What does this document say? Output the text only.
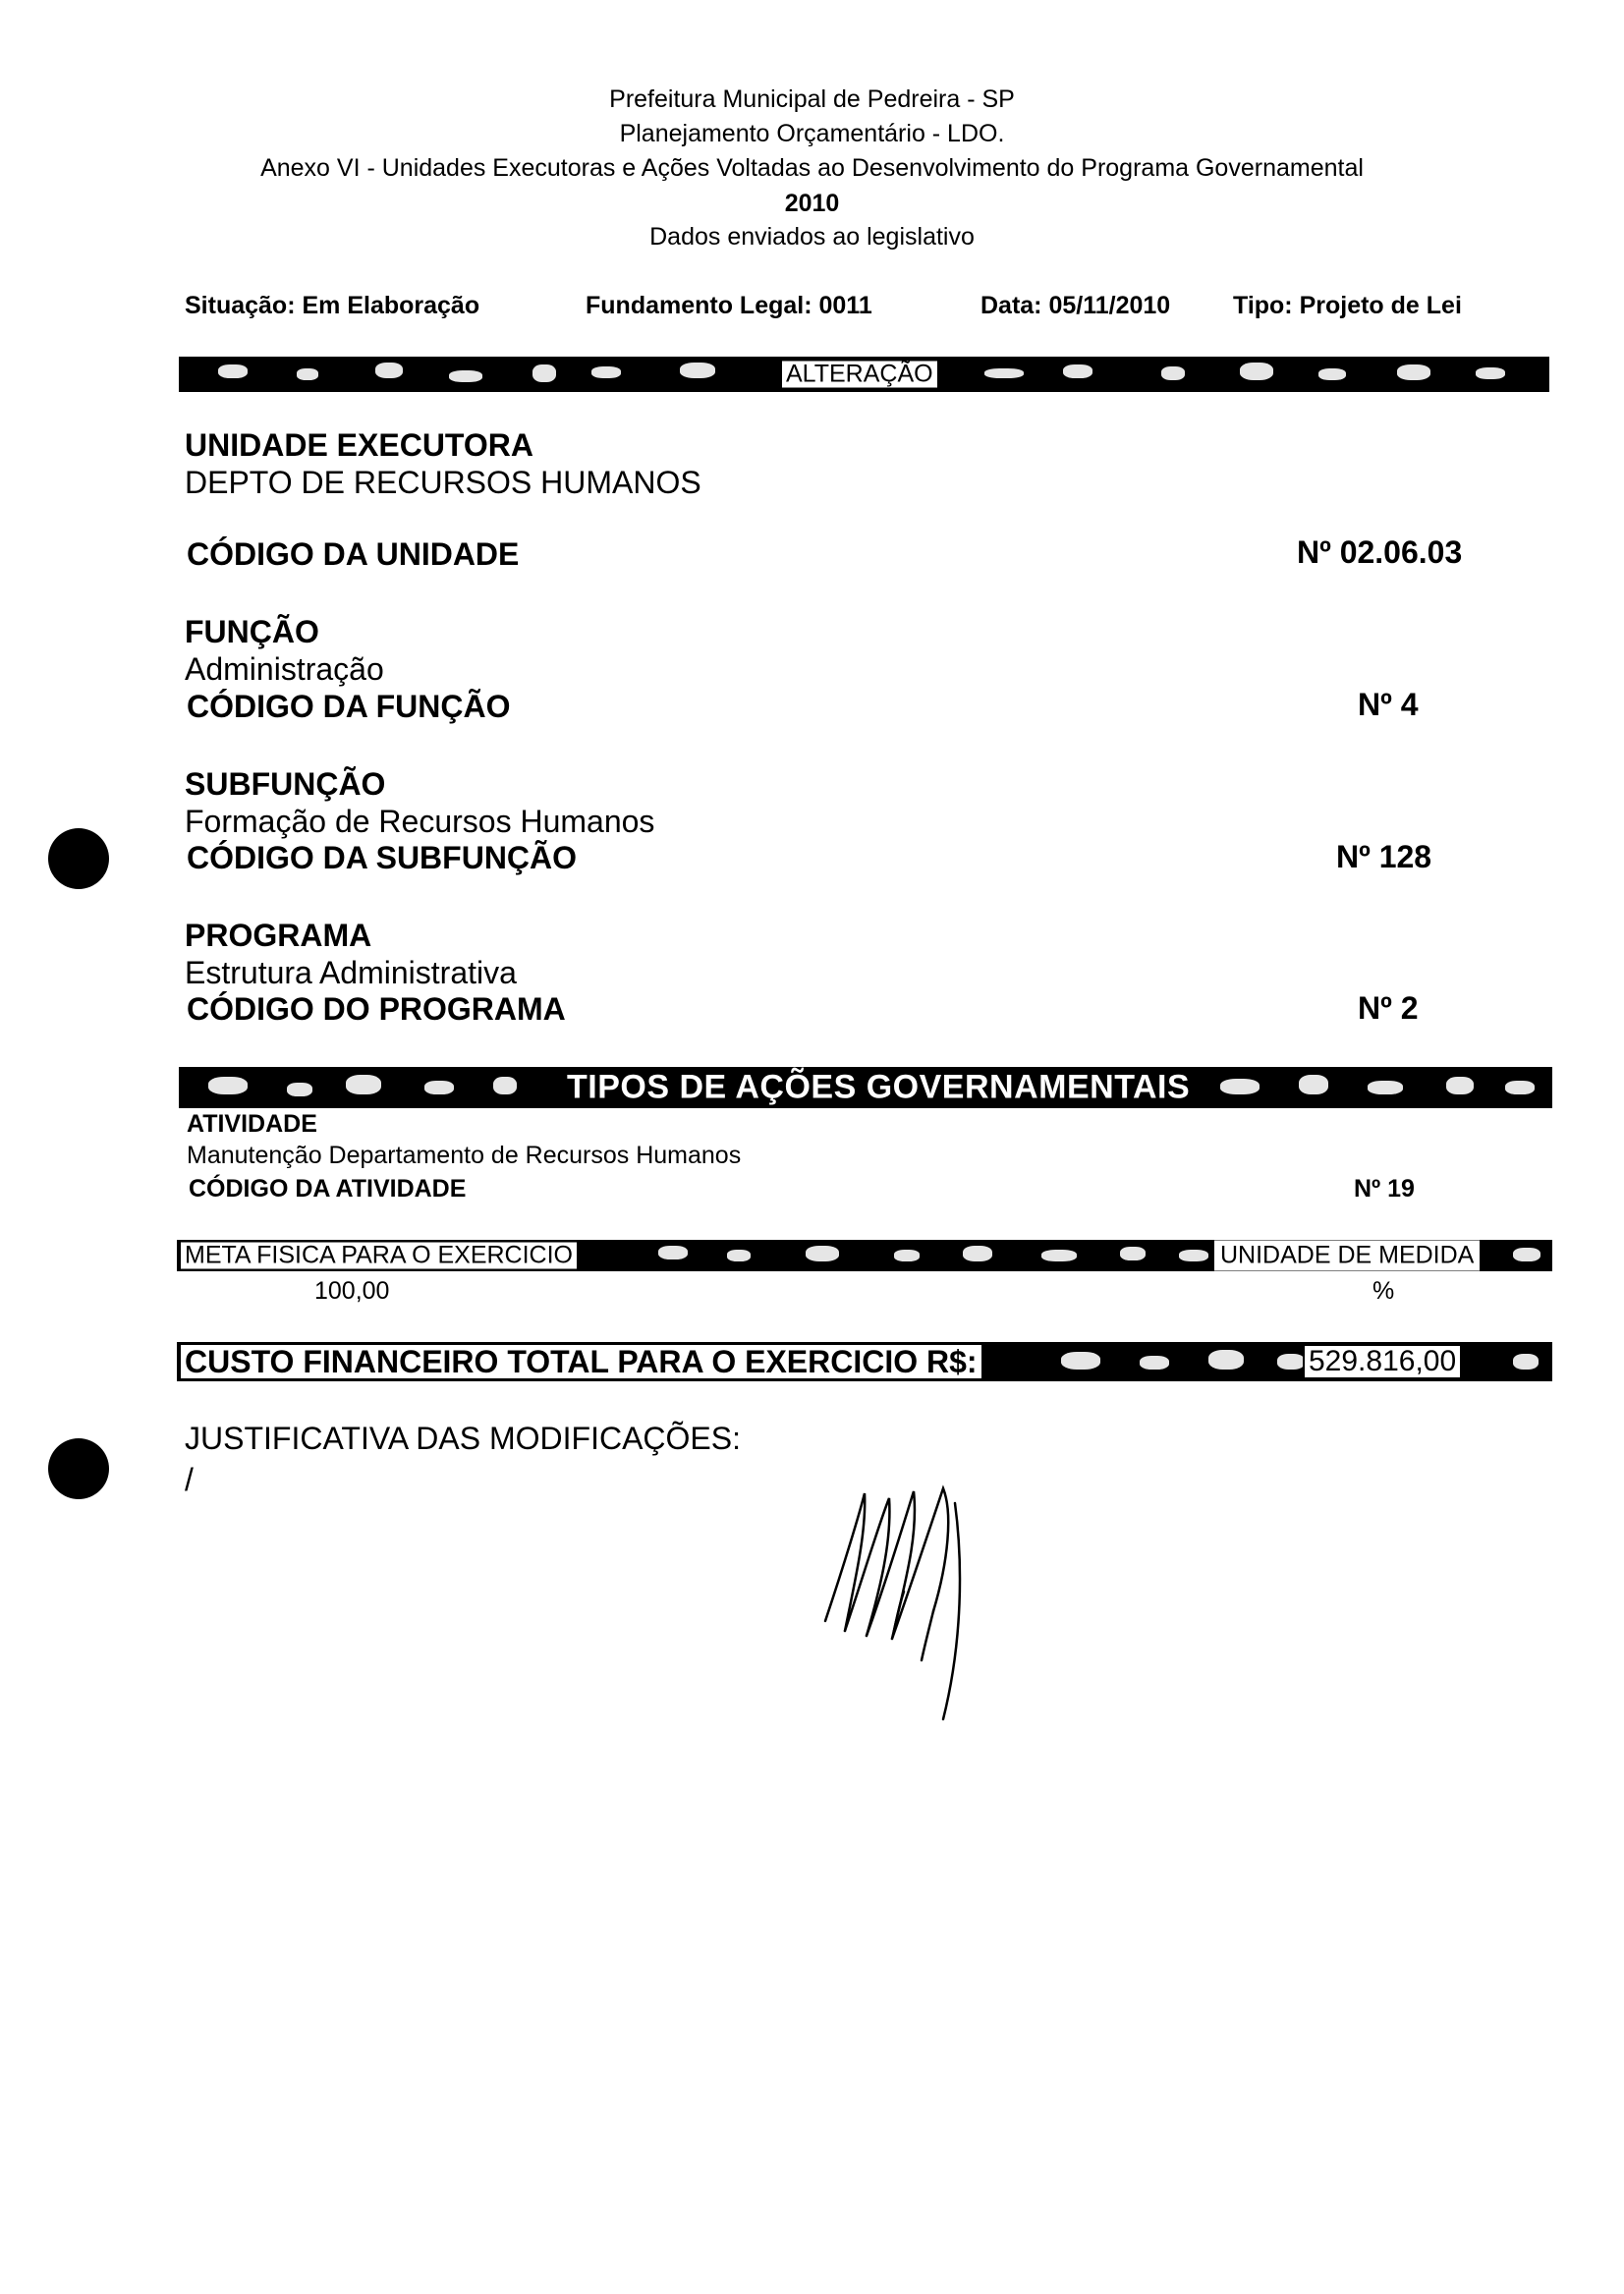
Prefeitura Municipal de Pedreira - SP
Planejamento Orçamentário - LDO.
Anexo VI - Unidades Executoras e Ações Voltadas ao Desenvolvimento do Programa Governamental
2010
Dados enviados ao legislativo
Situação: Em Elaboração	Fundamento Legal: 0011	Data: 05/11/2010	Tipo: Projeto de Lei
ALTERAÇÃO
UNIDADE EXECUTORA
DEPTO DE RECURSOS HUMANOS
CÓDIGO DA UNIDADE	Nº 02.06.03
FUNÇÃO
Administração
CÓDIGO DA FUNÇÃO	Nº 4
SUBFUNÇÃO
Formação de Recursos Humanos
CÓDIGO DA SUBFUNÇÃO	Nº 128
PROGRAMA
Estrutura Administrativa
CÓDIGO DO PROGRAMA	Nº 2
TIPOS DE AÇÕES GOVERNAMENTAIS
ATIVIDADE
Manutenção Departamento de Recursos Humanos
CÓDIGO DA ATIVIDADE	Nº 19
META FISICA PARA O EXERCICIO	UNIDADE DE MEDIDA
100,00	%
CUSTO FINANCEIRO TOTAL PARA O EXERCICIO R$:	529.816,00
JUSTIFICATIVA DAS MODIFICAÇÕES:
/
